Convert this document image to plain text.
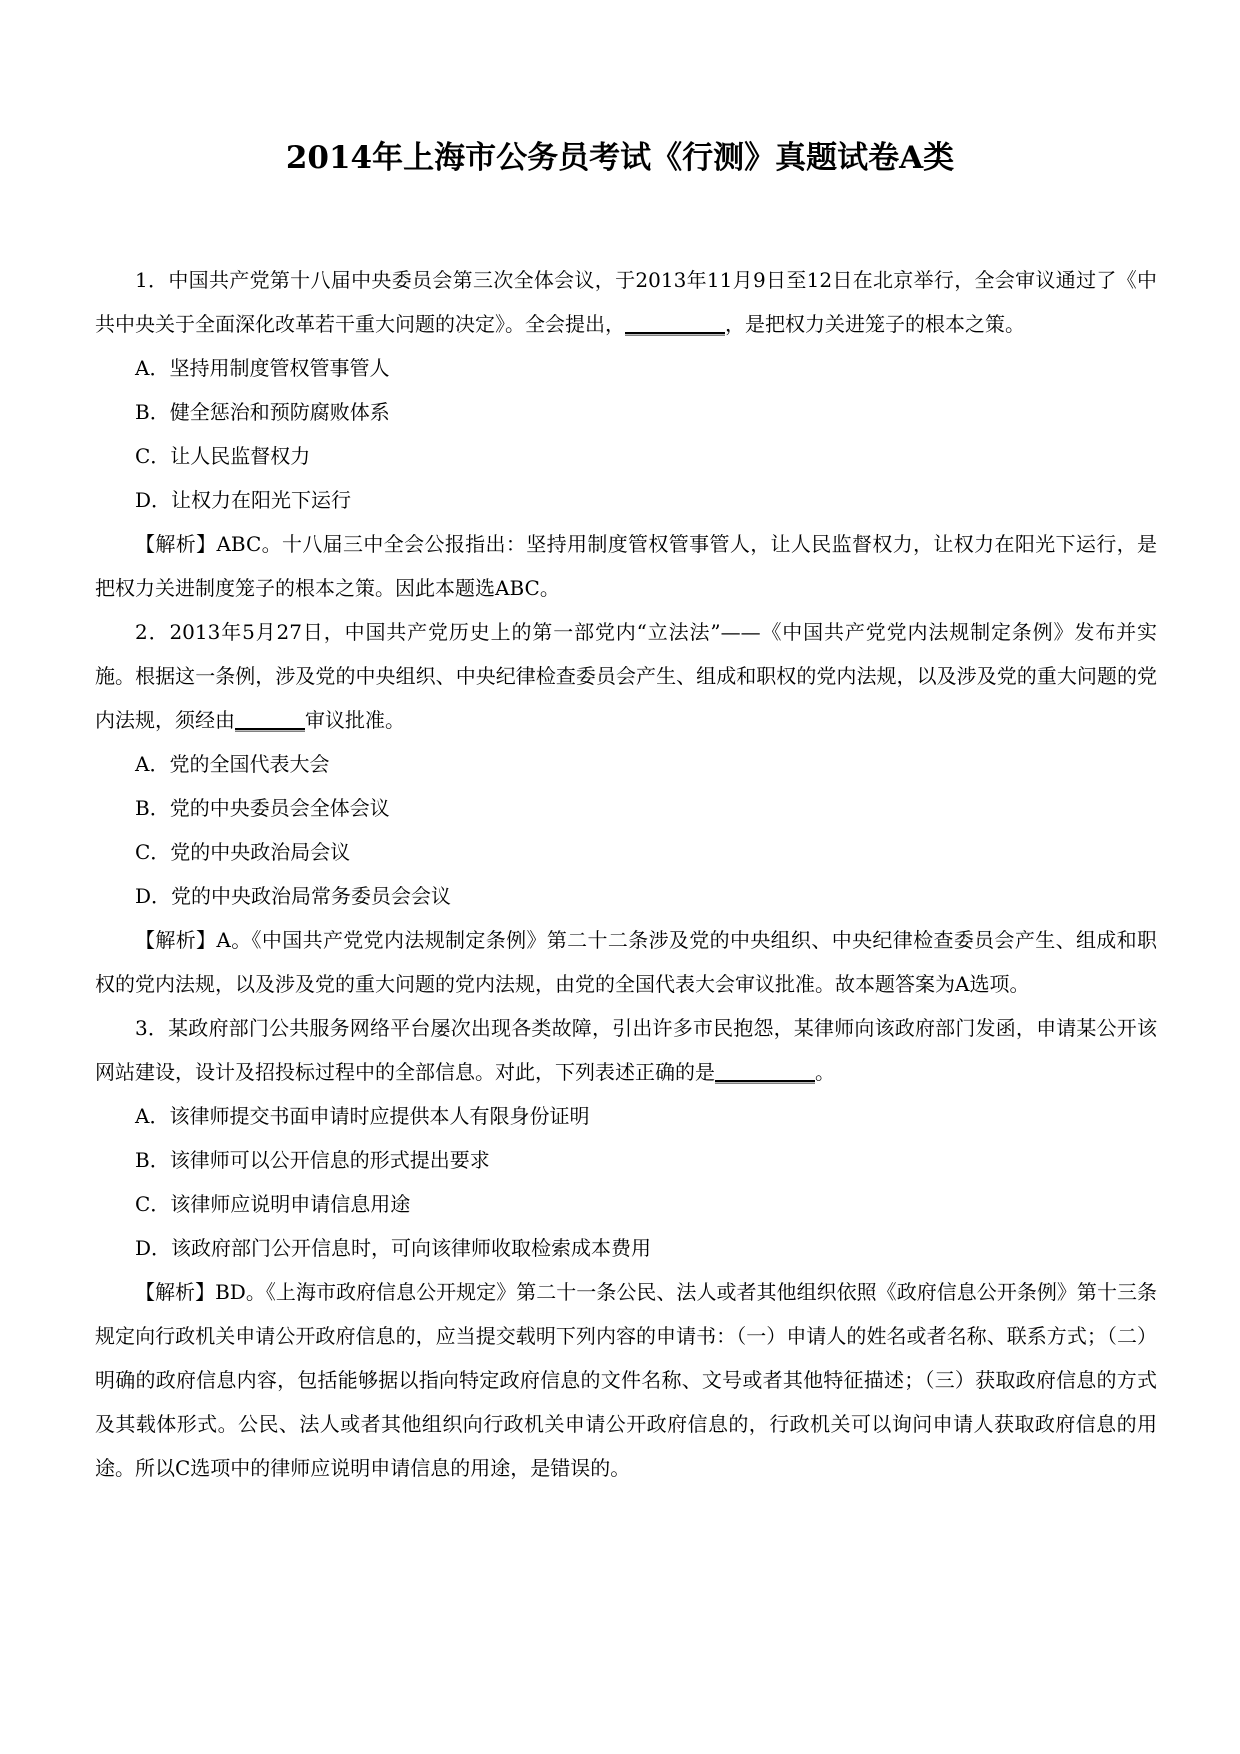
2014年上海市公务员考试《行测》真题试卷A类

1．中国共产党第十八届中央委员会第三次全体会议，于2013年11月9日至12日在北京举行，全会审议通过了《中共中央关于全面深化改革若干重大问题的决定》。全会提出，__________，是把权力关进笼子的根本之策。

A．坚持用制度管权管事管人

B．健全惩治和预防腐败体系

C．让人民监督权力

D．让权力在阳光下运行

【解析】ABC。十八届三中全会公报指出：坚持用制度管权管事管人，让人民监督权力，让权力在阳光下运行，是把权力关进制度笼子的根本之策。因此本题选ABC。

2．2013年5月27日，中国共产党历史上的第一部党内“立法法”——《中国共产党党内法规制定条例》发布并实施。根据这一条例，涉及党的中央组织、中央纪律检查委员会产生、组成和职权的党内法规，以及涉及党的重大问题的党内法规，须经由_______审议批准。

A．党的全国代表大会

B．党的中央委员会全体会议

C．党的中央政治局会议

D．党的中央政治局常务委员会会议

【解析】A。《中国共产党党内法规制定条例》第二十二条涉及党的中央组织、中央纪律检查委员会产生、组成和职权的党内法规，以及涉及党的重大问题的党内法规，由党的全国代表大会审议批准。故本题答案为A选项。

3．某政府部门公共服务网络平台屡次出现各类故障，引出许多市民抱怨，某律师向该政府部门发函，申请某公开该网站建设，设计及招投标过程中的全部信息。对此，下列表述正确的是__________。

A．该律师提交书面申请时应提供本人有限身份证明

B．该律师可以公开信息的形式提出要求

C．该律师应说明申请信息用途

D．该政府部门公开信息时，可向该律师收取检索成本费用

【解析】BD。《上海市政府信息公开规定》第二十一条公民、法人或者其他组织依照《政府信息公开条例》第十三条规定向行政机关申请公开政府信息的，应当提交载明下列内容的申请书：（一）申请人的姓名或者名称、联系方式；（二）明确的政府信息内容，包括能够据以指向特定政府信息的文件名称、文号或者其他特征描述；（三）获取政府信息的方式及其载体形式。公民、法人或者其他组织向行政机关申请公开政府信息的，行政机关可以询问申请人获取政府信息的用途。所以C选项中的律师应说明申请信息的用途，是错误的。
